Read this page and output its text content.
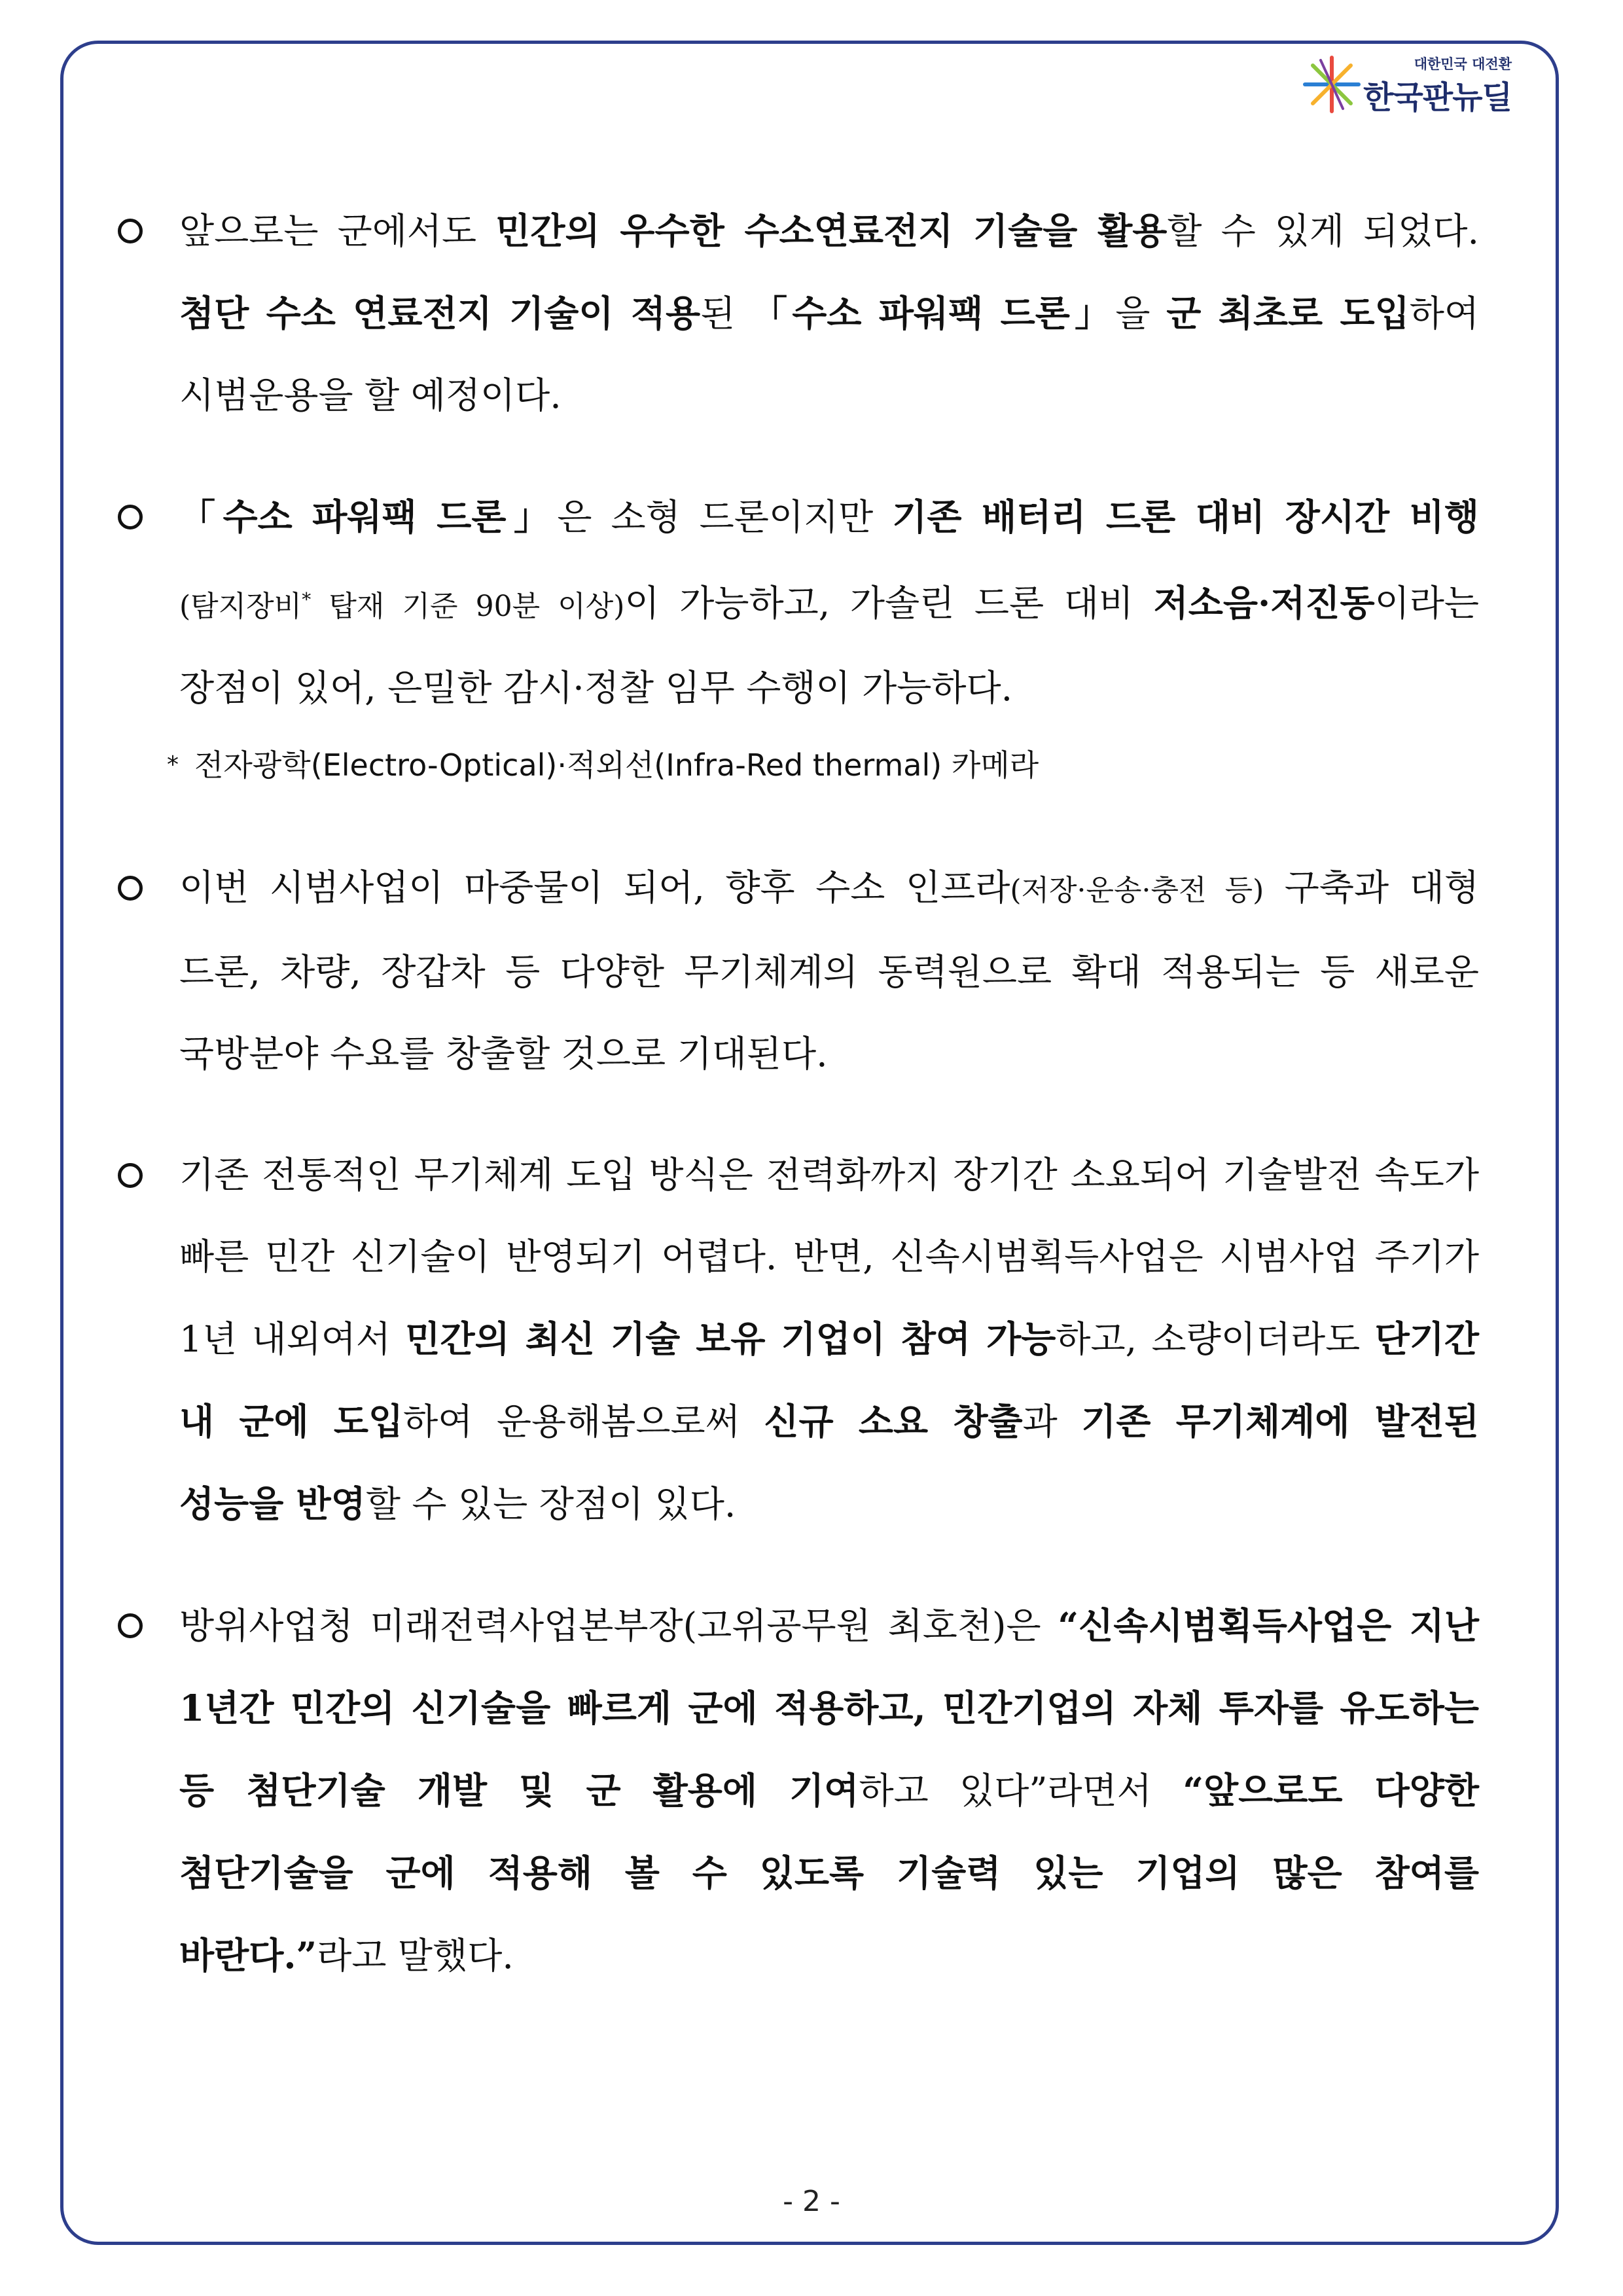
대한민국 대전환
한국판뉴딜
앞으로는 군에서도 민간의 우수한 수소연료전지 기술을 활용할 수 있게 되었다. 첨단 수소 연료전지 기술이 적용된 「수소 파워팩 드론」을 군 최초로 도입하여 시범운용을 할 예정이다.
「수소 파워팩 드론」은 소형 드론이지만 기존 배터리 드론 대비 장시간 비행(탐지장비* 탑재 기준 90분 이상)이 가능하고, 가솔린 드론 대비 저소음·저진동이라는 장점이 있어, 은밀한 감시·정찰 임무 수행이 가능하다.
* 전자광학(Electro-Optical)·적외선(Infra-Red thermal) 카메라
이번 시범사업이 마중물이 되어, 향후 수소 인프라(저장·운송·충전 등) 구축과 대형 드론, 차량, 장갑차 등 다양한 무기체계의 동력원으로 확대 적용되는 등 새로운 국방분야 수요를 창출할 것으로 기대된다.
기존 전통적인 무기체계 도입 방식은 전력화까지 장기간 소요되어 기술발전 속도가 빠른 민간 신기술이 반영되기 어렵다. 반면, 신속시범획득사업은 시범사업 주기가 1년 내외여서 민간의 최신 기술 보유 기업이 참여 가능하고, 소량이더라도 단기간 내 군에 도입하여 운용해봄으로써 신규 소요 창출과 기존 무기체계에 발전된 성능을 반영할 수 있는 장점이 있다.
방위사업청 미래전력사업본부장(고위공무원 최호천)은 “신속시범획득사업은 지난 1년간 민간의 신기술을 빠르게 군에 적용하고, 민간기업의 자체 투자를 유도하는 등 첨단기술 개발 및 군 활용에 기여하고 있다”라면서 “앞으로도 다양한 첨단기술을 군에 적용해 볼 수 있도록 기술력 있는 기업의 많은 참여를 바란다.”라고 말했다.
- 2 -
